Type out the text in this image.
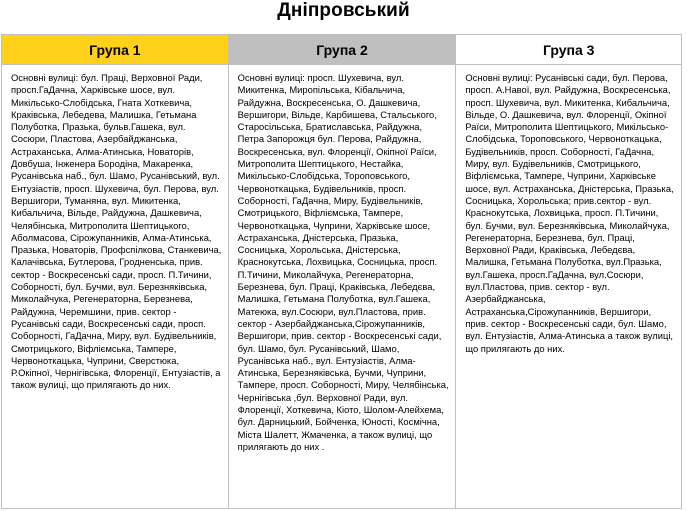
Дніпровський
Група 1
Основні вулиці: бул. Праці, Верховної Ради, просп.ГаДачна, Харківське шосе, вул. Микільсько-Слобідська, Гната Хоткевича, Краківська, Лебедева, Малишка, Гетьмана Полуботка, Празька, бульв.Гашека, вул. Сосюри, Пластова, Азербайджанська, Астраханська, Алма-Атинська, Новаторів, Довбуша, Інженера Бородіна, Макаренка, Русанівська наб., бул. Шамо, Русанівський, вул. Ентузіастів, просп. Шухевича, бул. Перова, вул. Вершигори, Туманяна, вул. Микитенка, Кибальчича, Вільде, Райдужна, Дашкевича, Челябінська, Митрополита Шептицького, Аболмасова, Сірожупанників, Алма-Атинська, Празька, Новаторів, Профспілкова, Станкевича, Калачівська, Бутлерова, Гродненська, прив. сектор - Воскресенські сади, просп. П.Тичини, Соборності, бул. Бучми, вул. Березняківська, Миколайчука, Регенераторна, Березнева, Райдужна, Черемшини, прив. сектор - Русанівські сади, Воскресенські сади, просп. Соборності, ГаДачна, Миру, вул. Будівельників, Смотрицького, Віфліємська, Тампере, Червоноткацька, Чуприни, Сверстюка, Р.Окіпної, Чернігівська, Флоренції, Ентузіастів, а також вулиці, що прилягають до них.
Група 2
Основні вулиці: просп. Шухевича, вул. Микитенка, Миропільська, Кібальчича, Райдужна, Воскресенська, О. Дашкевича, Вершигори, Вільде, Карбишева, Стальського, Старосільська, Братиславська, Райдужна, Петра Запорожця бул. Перова, Райдужна, Воскресенська, вул. Флоренції, Окіпної Раїси, Митрополита Шептицького, Нестайка, Микільсько-Слобідська, Тороповського, Червоноткацька, Будівельників, просп. Соборності, ГаДачна, Миру, Будівельників, Смотрицького, Віфліємська, Тампере, Червоноткацька, Чуприни, Харківське шосе, Астраханська, Дністерська, Празька, Сосницька, Хорольська, Дністерська, Краснокутська, Лохвицька, Сосницька, просп. П.Тичини, Миколайчука, Регенераторна, Березнева, бул. Праці, Краківська, Лебедєва, Малишка, Гетьмана Полуботка, вул.Гашека, Матеюка, вул.Сосюри, вул.Пластова, прив. сектор - Азербайджанська,Сірожупанників, Вершигори, прив. сектор - Воскресенські сади, бул. Шамо, бул. Русанівський, Шамо, Русанівська наб., вул. Ентузіастів, Алма-Атинська, Березняківська, Бучми, Чуприни, Тампере, просп. Соборності, Миру, Челябінська, Чернігівська ,бул. Верховної Ради, вул. Флоренції, Хоткевича, Кіото, Шолом-Алейхема, бул. Дарницький, Бойченка, Юності, Космічна, Міста Шалетт, Жмаченка, а також вулиці, що прилягають до них .
Група 3
Основні вулиці: Русанівські сади, бул. Перова, просп. А.Навої, вул. Райдужна, Воскресенська, просп. Шухевича, вул. Микитенка, Кибальчича, Вільде, О. Дашкевича, вул. Флоренції, Окіпної Раїси, Митрополита Шептицького, Микільсько-Слобідська, Тороповського, Червоноткацька, Будівельників, просп. Соборності, ГаДачна, Миру, вул. Будівельників, Смотрицького, Віфліємська, Тампере, Чуприни, Харківське шосе, вул. Астраханська, Дністерська, Празька, Сосницька, Хорольська; прив.сектор - вул. Краснокутська, Лохвицька, просп. П.Тичини, бул. Бучми, вул. Березняківська, Миколайчука, Регенераторна, Березнева, бул. Праці, Верховної Ради, Краківська, Лебедєва, Малишка, Гетьмана Полуботка, вул.Празька, вул.Гашека, просп.ГаДачна, вул.Сосюри, вул.Пластова, прив. сектор - вул. Азербайджанська, Астраханська,Сірожупанників, Вершигори, прив. сектор - Воскресенські сади, бул. Шамо, вул. Ентузіастів, Алма-Атинська а також вулиці, що прилягають до них.
